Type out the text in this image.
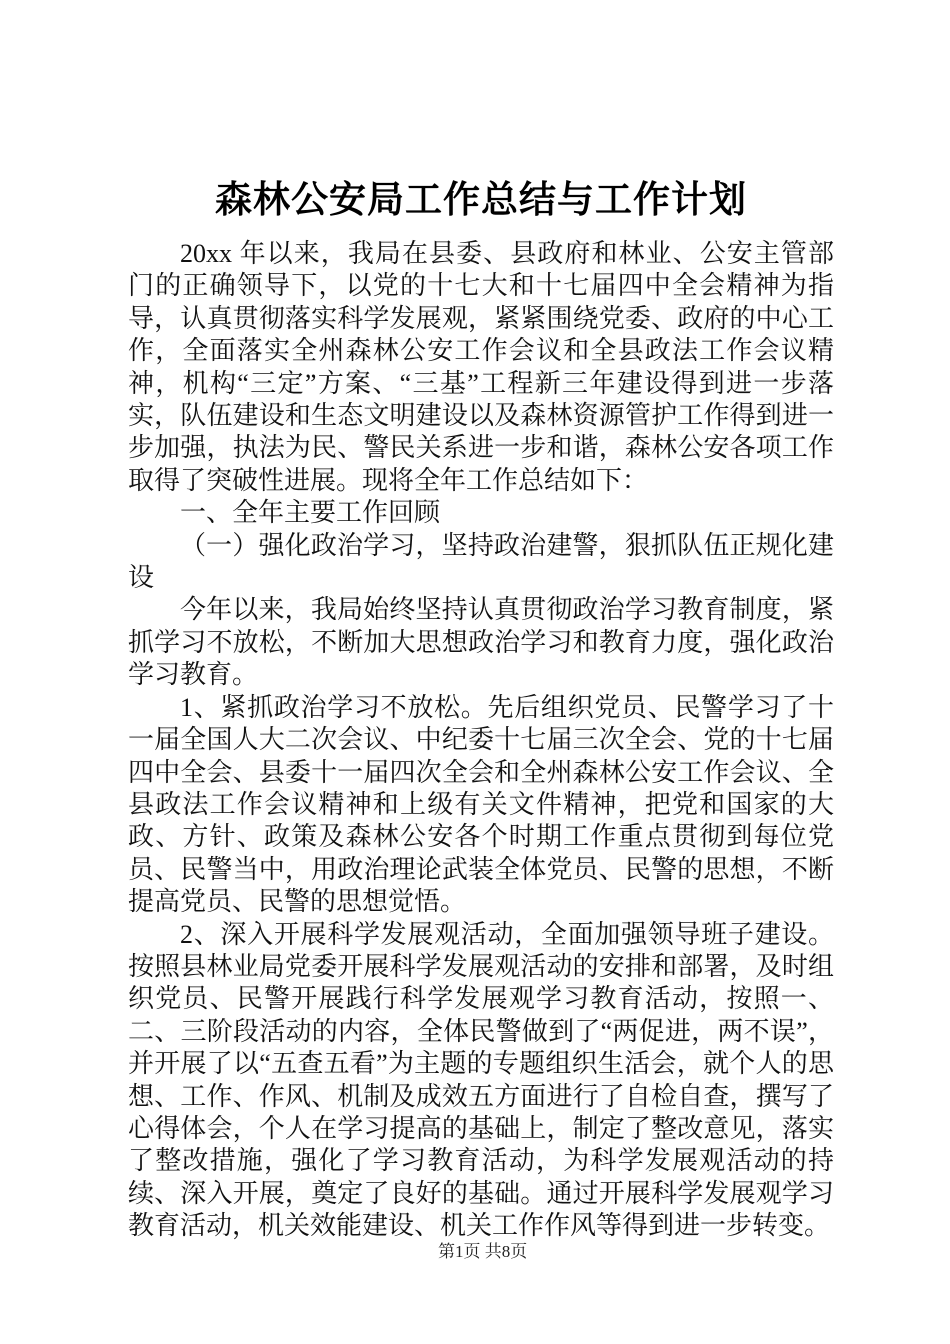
森林公安局工作总结与工作计划

20xx 年以来，我局在县委、县政府和林业、公安主管部门的正确领导下，以党的十七大和十七届四中全会精神为指导，认真贯彻落实科学发展观，紧紧围绕党委、政府的中心工作，全面落实全州森林公安工作会议和全县政法工作会议精神，机构“三定”方案、“三基”工程新三年建设得到进一步落实，队伍建设和生态文明建设以及森林资源管护工作得到进一步加强，执法为民、警民关系进一步和谐，森林公安各项工作取得了突破性进展。现将全年工作总结如下：

一、全年主要工作回顾

（一）强化政治学习，坚持政治建警，狠抓队伍正规化建设

今年以来，我局始终坚持认真贯彻政治学习教育制度，紧抓学习不放松，不断加大思想政治学习和教育力度，强化政治学习教育。

1、紧抓政治学习不放松。先后组织党员、民警学习了十一届全国人大二次会议、中纪委十七届三次全会、党的十七届四中全会、县委十一届四次全会和全州森林公安工作会议、全县政法工作会议精神和上级有关文件精神，把党和国家的大政、方针、政策及森林公安各个时期工作重点贯彻到每位党员、民警当中，用政治理论武装全体党员、民警的思想，不断提高党员、民警的思想觉悟。

2、深入开展科学发展观活动，全面加强领导班子建设。按照县林业局党委开展科学发展观活动的安排和部署，及时组织党员、民警开展践行科学发展观学习教育活动，按照一、二、三阶段活动的内容，全体民警做到了“两促进，两不误”，并开展了以“五查五看”为主题的专题组织生活会，就个人的思想、工作、作风、机制及成效五方面进行了自检自查，撰写了心得体会，个人在学习提高的基础上，制定了整改意见，落实了整改措施，强化了学习教育活动，为科学发展观活动的持续、深入开展，奠定了良好的基础。通过开展科学发展观学习教育活动，机关效能建设、机关工作作风等得到进一步转变。

第1页 共8页
